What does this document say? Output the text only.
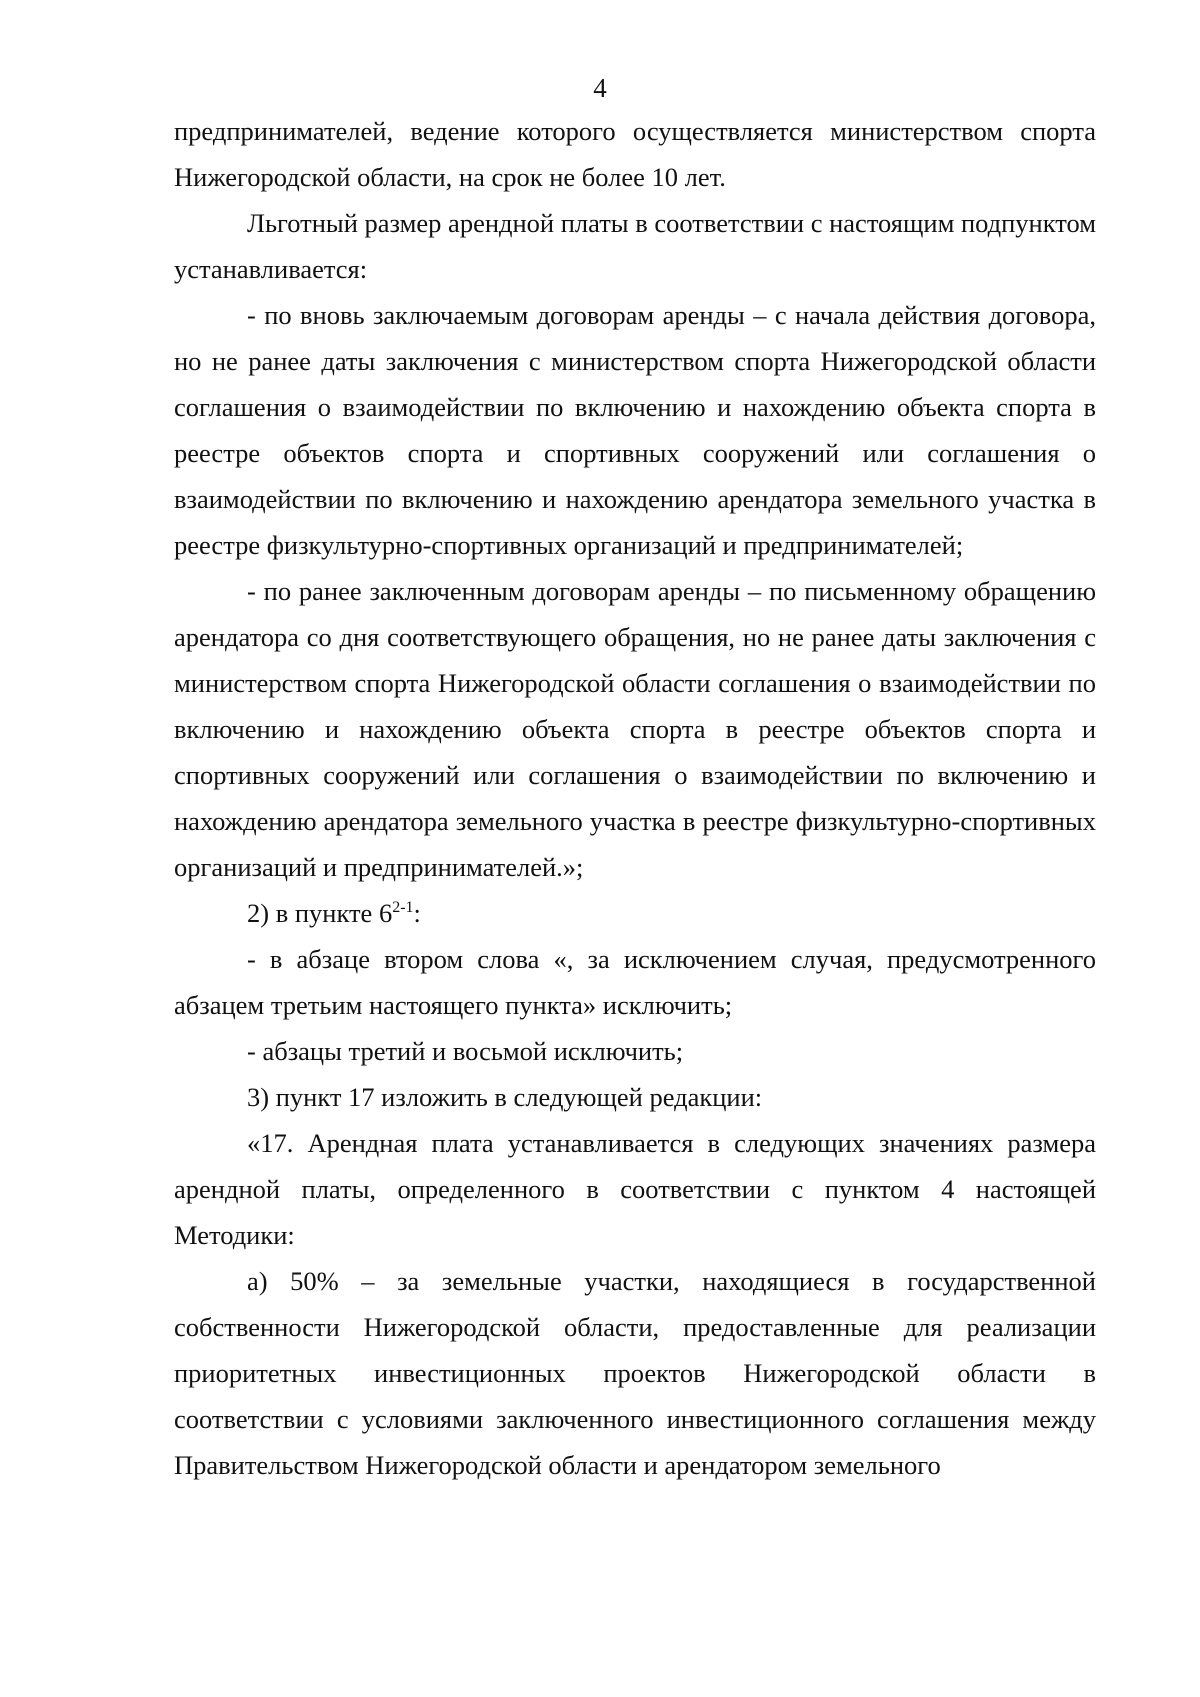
4

предпринимателей, ведение которого осуществляется министерством спорта Нижегородской области, на срок не более 10 лет.

Льготный размер арендной платы в соответствии с настоящим подпунктом устанавливается:

- по вновь заключаемым договорам аренды – с начала действия договора, но не ранее даты заключения с министерством спорта Нижегородской области соглашения о взаимодействии по включению и нахождению объекта спорта в реестре объектов спорта и спортивных сооружений или соглашения о взаимодействии по включению и нахождению арендатора земельного участка в реестре физкультурно-спортивных организаций и предпринимателей;

- по ранее заключенным договорам аренды – по письменному обращению арендатора со дня соответствующего обращения, но не ранее даты заключения с министерством спорта Нижегородской области соглашения о взаимодействии по включению и нахождению объекта спорта в реестре объектов спорта и спортивных сооружений или соглашения о взаимодействии по включению и нахождению арендатора земельного участка в реестре физкультурно-спортивных организаций и предпринимателей.»;

2) в пункте 6$^{2-1}$:

- в абзаце втором слова «, за исключением случая, предусмотренного абзацем третьим настоящего пункта» исключить;

- абзацы третий и восьмой исключить;

3) пункт 17 изложить в следующей редакции:

«17. Арендная плата устанавливается в следующих значениях размера арендной платы, определенного в соответствии с пунктом 4 настоящей Методики:

а) 50% – за земельные участки, находящиеся в государственной собственности Нижегородской области, предоставленные для реализации приоритетных инвестиционных проектов Нижегородской области в соответствии с условиями заключенного инвестиционного соглашения между Правительством Нижегородской области и арендатором земельного
